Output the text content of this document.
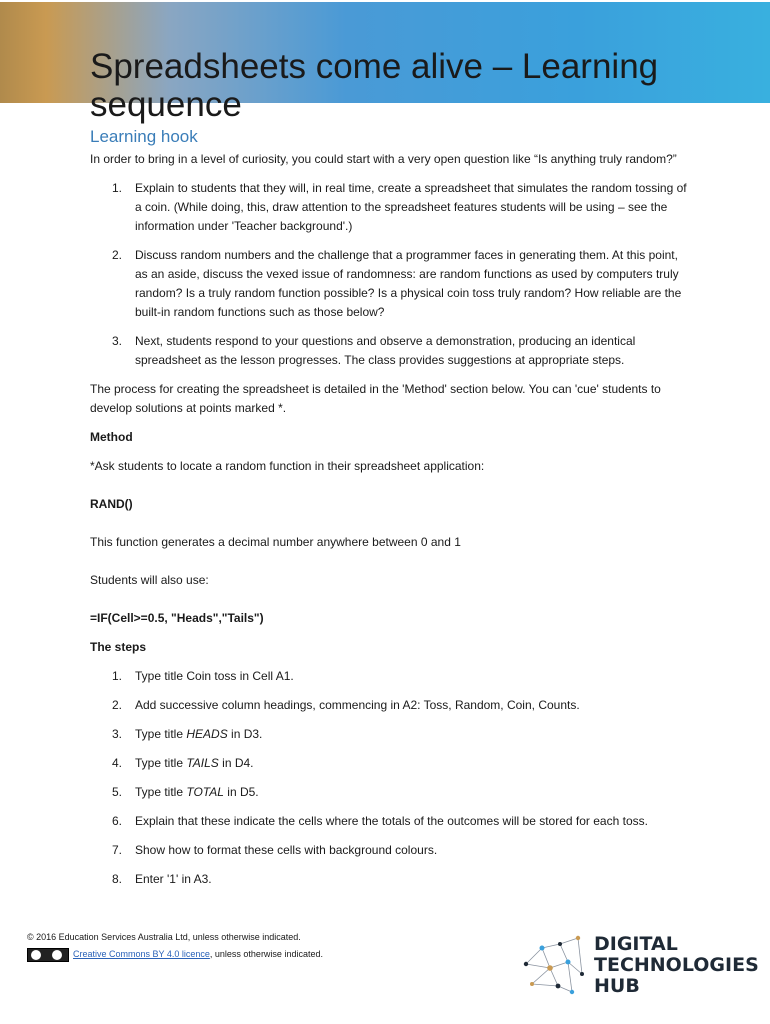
Spreadsheets come alive – Learning sequence
Learning hook

In order to bring in a level of curiosity, you could start with a very open question like “Is anything truly random?”

1. Explain to students that they will, in real time, create a spreadsheet that simulates the random tossing of a coin. (While doing, this, draw attention to the spreadsheet features students will be using – see the information under 'Teacher background'.)
2. Discuss random numbers and the challenge that a programmer faces in generating them. At this point, as an aside, discuss the vexed issue of randomness: are random functions as used by computers truly random? Is a truly random function possible? Is a physical coin toss truly random? How reliable are the built-in random functions such as those below?
3. Next, students respond to your questions and observe a demonstration, producing an identical spreadsheet as the lesson progresses. The class provides suggestions at appropriate steps.

The process for creating the spreadsheet is detailed in the 'Method' section below. You can 'cue' students to develop solutions at points marked *.

Method

*Ask students to locate a random function in their spreadsheet application:

RAND()

This function generates a decimal number anywhere between 0 and 1

Students will also use:

=IF(Cell>=0.5, "Heads","Tails")

The steps

1. Type title Coin toss in Cell A1.
2. Add successive column headings, commencing in A2: Toss, Random, Coin, Counts.
3. Type title HEADS in D3.
4. Type title TAILS in D4.
5. Type title TOTAL in D5.
6. Explain that these indicate the cells where the totals of the outcomes will be stored for each toss.
7. Show how to format these cells with background colours.
8. Enter '1' in A3.
© 2016 Education Services Australia Ltd, unless otherwise indicated.
Creative Commons BY 4.0 licence, unless otherwise indicated.	DIGITAL
TECHNOLOGIES
HUB
